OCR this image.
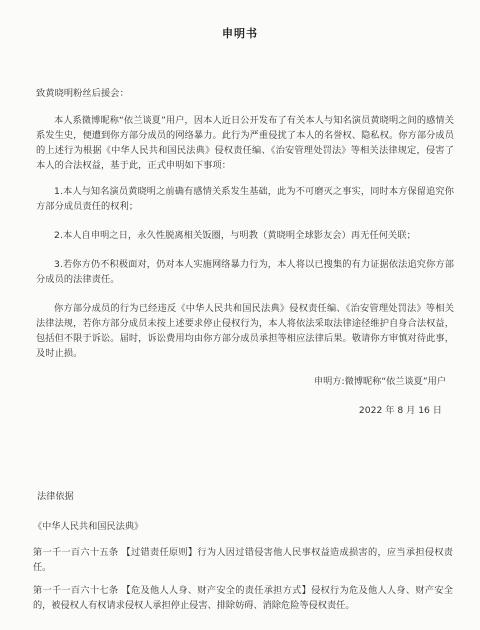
申明书
致黄晓明粉丝后援会：
本人系微博昵称“依兰谈夏”用户，因本人近日公开发布了有关本人与知名演员黄晓明之间的感情关系发生史，便遭到你方部分成员的网络暴力。此行为严重侵扰了本人的名誉权、隐私权。你方部分成员的上述行为根据《中华人民共和国民法典》侵权责任编、《治安管理处罚法》等相关法律规定，侵害了本人的合法权益，基于此，正式申明如下事项：
1.本人与知名演员黄晓明之前确有感情关系发生基础，此为不可磨灭之事实，同时本方保留追究你方部分成员责任的权利；
2.本人自申明之日，永久性脱离相关饭圈，与明教（黄晓明全球影友会）再无任何关联；
3.若你方仍不积极面对，仍对本人实施网络暴力行为，本人将以已搜集的有力证据依法追究你方部分成员的法律责任。
你方部分成员的行为已经违反《中华人民共和国民法典》侵权责任编、《治安管理处罚法》等相关法律法规，若你方部分成员未按上述要求停止侵权行为，本人将依法采取法律途径维护自身合法权益，包括但不限于诉讼。届时，诉讼费用均由你方部分成员承担等相应法律后果。敬请你方审慎对待此事，及时止损。
申明方:微博昵称“依兰谈夏”用户
2022 年 8 月 16 日
法律依据
《中华人民共和国民法典》
第一千一百六十五条 【过错责任原则】行为人因过错侵害他人民事权益造成损害的，应当承担侵权责任。
第一千一百六十七条 【危及他人人身、财产安全的责任承担方式】侵权行为危及他人人身、财产安全的，被侵权人有权请求侵权人承担停止侵害、排除妨碍、消除危险等侵权责任。
